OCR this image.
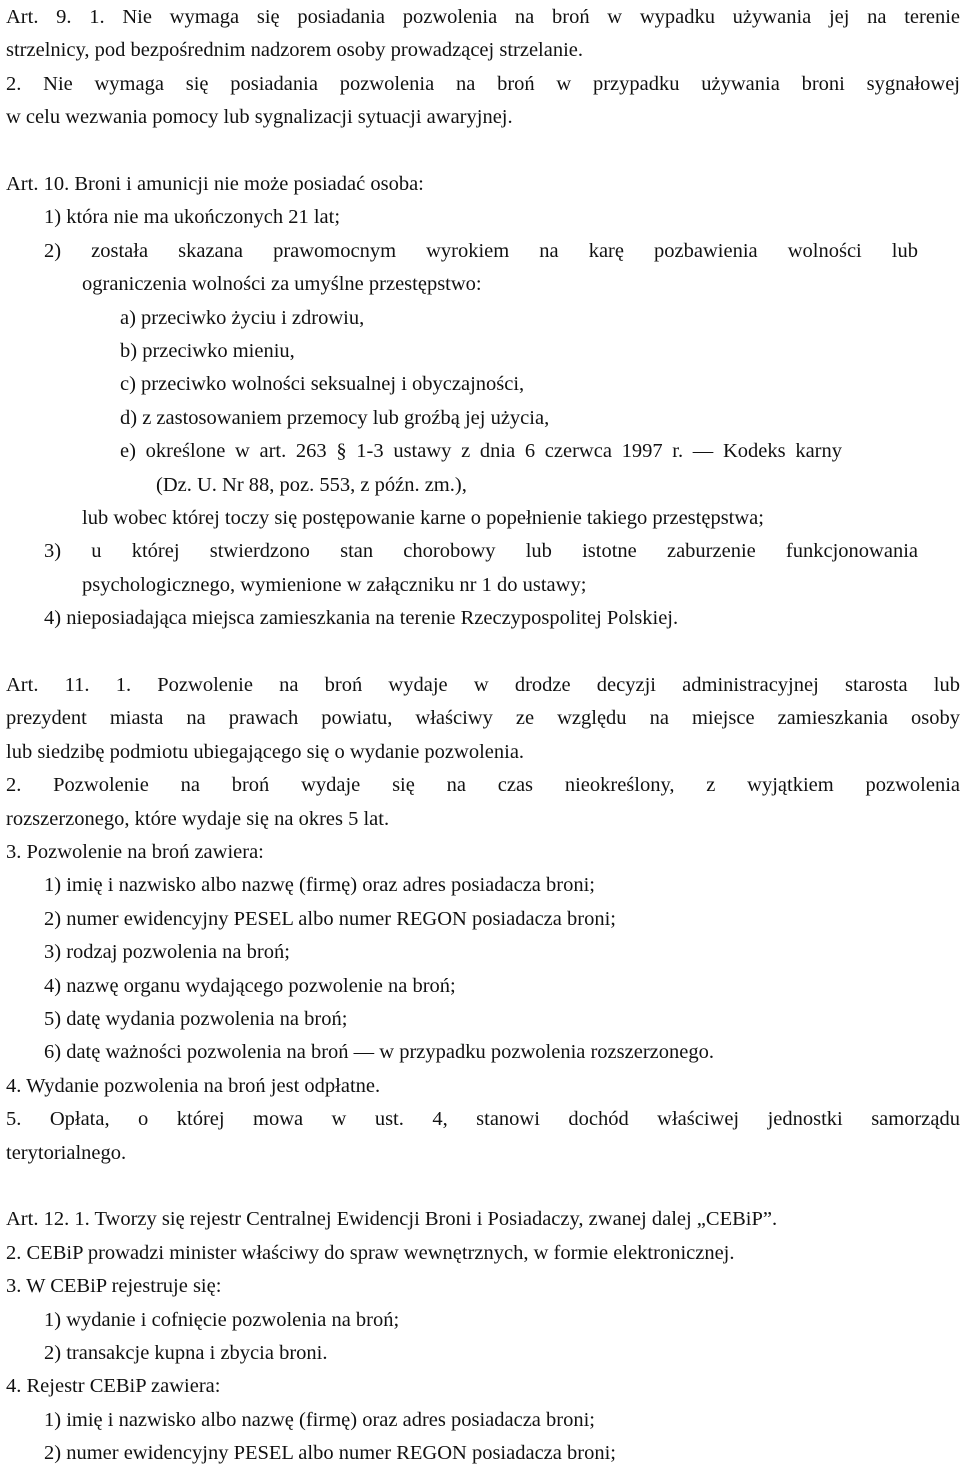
Art. 9. 1. Nie wymaga się posiadania pozwolenia na broń w wypadku używania jej na terenie
strzelnicy, pod bezpośrednim nadzorem osoby prowadzącej strzelanie.
2. Nie wymaga się posiadania pozwolenia na broń w przypadku używania broni sygnałowej
w celu wezwania pomocy lub sygnalizacji sytuacji awaryjnej.
Art. 10. Broni i amunicji nie może posiadać osoba:
1) która nie ma ukończonych 21 lat;
2) została skazana prawomocnym wyrokiem na karę pozbawienia wolności lub
ograniczenia wolności za umyślne przestępstwo:
a) przeciwko życiu i zdrowiu,
b) przeciwko mieniu,
c) przeciwko wolności seksualnej i obyczajności,
d) z zastosowaniem przemocy lub groźbą jej użycia,
e) określone w art. 263 § 1-3 ustawy z dnia 6 czerwca 1997 r. — Kodeks karny
(Dz. U. Nr 88, poz. 553, z późn. zm.),
lub wobec której toczy się postępowanie karne o popełnienie takiego przestępstwa;
3) u której stwierdzono stan chorobowy lub istotne zaburzenie funkcjonowania
psychologicznego, wymienione w załączniku nr 1 do ustawy;
4) nieposiadająca miejsca zamieszkania na terenie Rzeczypospolitej Polskiej.
Art. 11. 1. Pozwolenie na broń wydaje w drodze decyzji administracyjnej starosta lub
prezydent miasta na prawach powiatu, właściwy ze względu na miejsce zamieszkania osoby
lub siedzibę podmiotu ubiegającego się o wydanie pozwolenia.
2. Pozwolenie na broń wydaje się na czas nieokreślony, z wyjątkiem pozwolenia
rozszerzonego, które wydaje się na okres 5 lat.
3. Pozwolenie na broń zawiera:
1) imię i nazwisko albo nazwę (firmę) oraz adres posiadacza broni;
2) numer ewidencyjny PESEL albo numer REGON posiadacza broni;
3) rodzaj pozwolenia na broń;
4) nazwę organu wydającego pozwolenie na broń;
5) datę wydania pozwolenia na broń;
6) datę ważności pozwolenia na broń — w przypadku pozwolenia rozszerzonego.
4. Wydanie pozwolenia na broń jest odpłatne.
5. Opłata, o której mowa w ust. 4, stanowi dochód właściwej jednostki samorządu
terytorialnego.
Art. 12. 1. Tworzy się rejestr Centralnej Ewidencji Broni i Posiadaczy, zwanej dalej „CEBiP”.
2. CEBiP prowadzi minister właściwy do spraw wewnętrznych, w formie elektronicznej.
3. W CEBiP rejestruje się:
1) wydanie i cofnięcie pozwolenia na broń;
2) transakcje kupna i zbycia broni.
4. Rejestr CEBiP zawiera:
1) imię i nazwisko albo nazwę (firmę) oraz adres posiadacza broni;
2) numer ewidencyjny PESEL albo numer REGON posiadacza broni;
